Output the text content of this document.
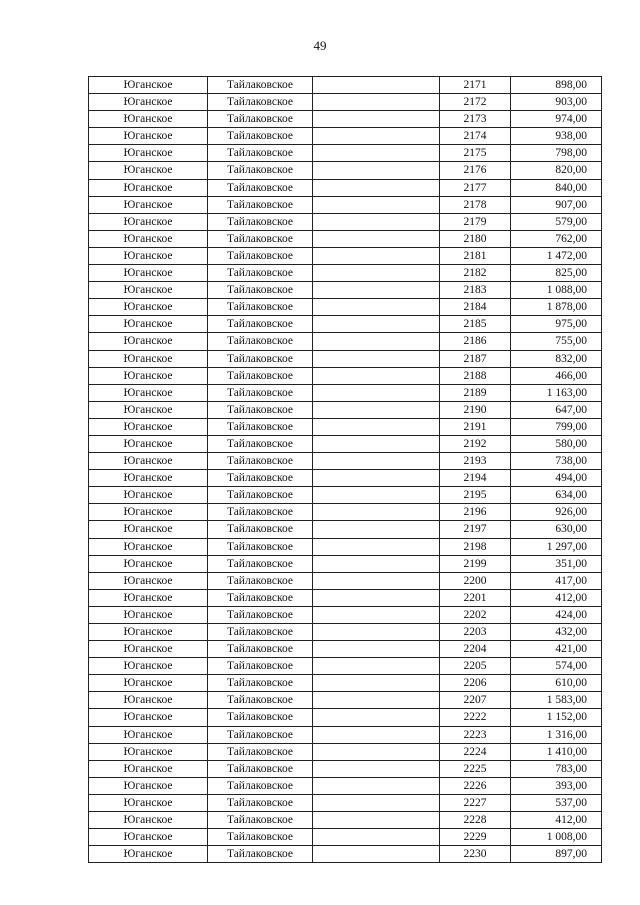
49
Юганское	Тайлаковское		2171	898,00
Юганское	Тайлаковское		2172	903,00
Юганское	Тайлаковское		2173	974,00
Юганское	Тайлаковское		2174	938,00
Юганское	Тайлаковское		2175	798,00
Юганское	Тайлаковское		2176	820,00
Юганское	Тайлаковское		2177	840,00
Юганское	Тайлаковское		2178	907,00
Юганское	Тайлаковское		2179	579,00
Юганское	Тайлаковское		2180	762,00
Юганское	Тайлаковское		2181	1 472,00
Юганское	Тайлаковское		2182	825,00
Юганское	Тайлаковское		2183	1 088,00
Юганское	Тайлаковское		2184	1 878,00
Юганское	Тайлаковское		2185	975,00
Юганское	Тайлаковское		2186	755,00
Юганское	Тайлаковское		2187	832,00
Юганское	Тайлаковское		2188	466,00
Юганское	Тайлаковское		2189	1 163,00
Юганское	Тайлаковское		2190	647,00
Юганское	Тайлаковское		2191	799,00
Юганское	Тайлаковское		2192	580,00
Юганское	Тайлаковское		2193	738,00
Юганское	Тайлаковское		2194	494,00
Юганское	Тайлаковское		2195	634,00
Юганское	Тайлаковское		2196	926,00
Юганское	Тайлаковское		2197	630,00
Юганское	Тайлаковское		2198	1 297,00
Юганское	Тайлаковское		2199	351,00
Юганское	Тайлаковское		2200	417,00
Юганское	Тайлаковское		2201	412,00
Юганское	Тайлаковское		2202	424,00
Юганское	Тайлаковское		2203	432,00
Юганское	Тайлаковское		2204	421,00
Юганское	Тайлаковское		2205	574,00
Юганское	Тайлаковское		2206	610,00
Юганское	Тайлаковское		2207	1 583,00
Юганское	Тайлаковское		2222	1 152,00
Юганское	Тайлаковское		2223	1 316,00
Юганское	Тайлаковское		2224	1 410,00
Юганское	Тайлаковское		2225	783,00
Юганское	Тайлаковское		2226	393,00
Юганское	Тайлаковское		2227	537,00
Юганское	Тайлаковское		2228	412,00
Юганское	Тайлаковское		2229	1 008,00
Юганское	Тайлаковское		2230	897,00
